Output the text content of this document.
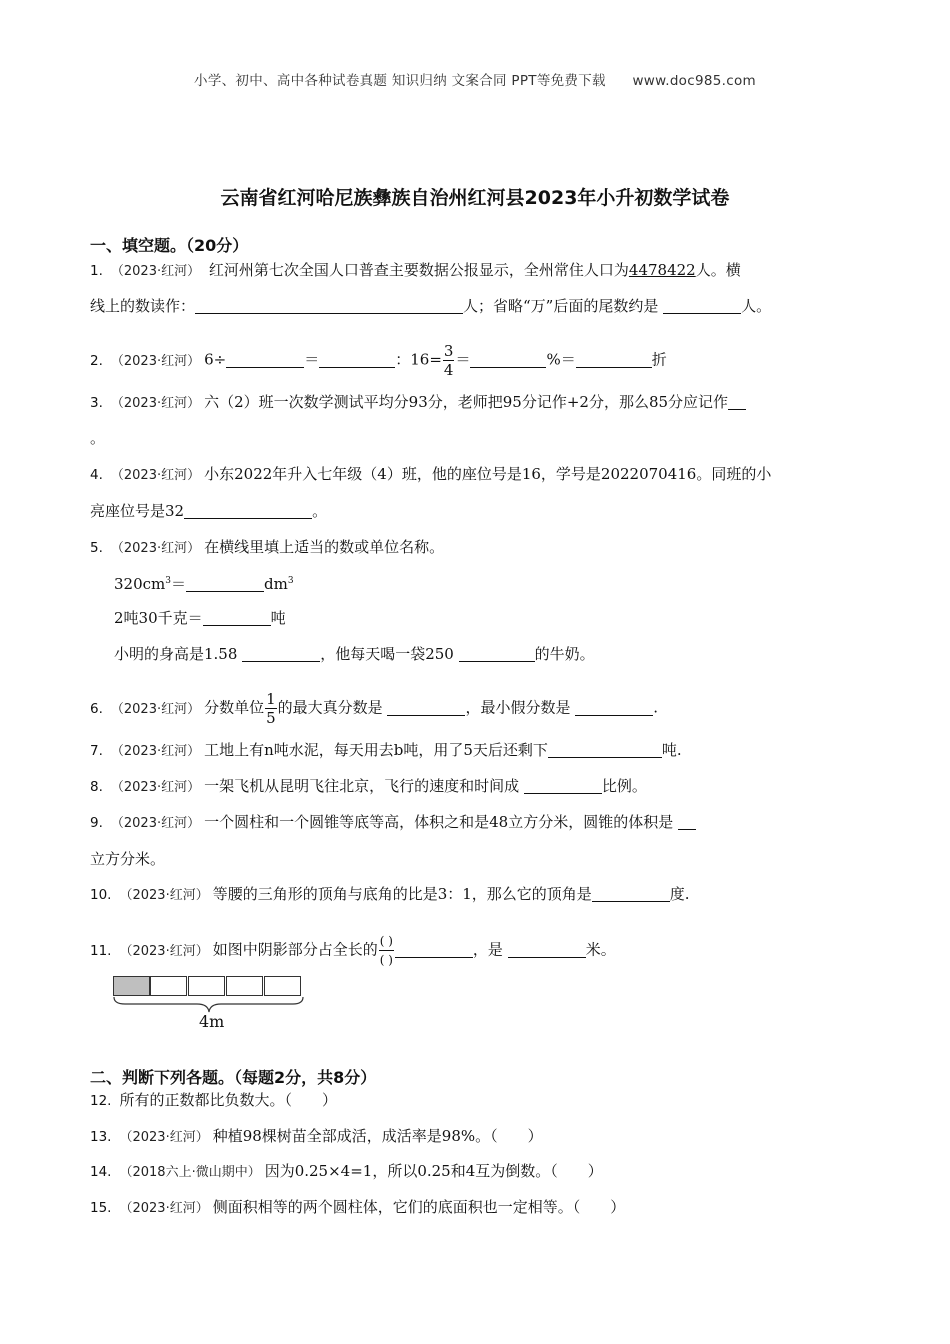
小学、初中、高中各种试卷真题 知识归纳 文案合同 PPT等免费下载 www.doc985.com
云南省红河哈尼族彝族自治州红河县2023年小升初数学试卷
一、填空题。（20分）
1. （2023·红河） 红河州第七次全国人口普查主要数据公报显示，全州常住人口为4478422人。横
线上的数读作：	人；省略“万”后面的尾数约是	人。
2. （2023·红河） 6÷	＝	：$16= \frac{3}{4}$ ＝	%＝	折
3. （2023·红河） 六（2）班一次数学测试平均分93分，老师把95分记作+2分，那么85分应记作
。
4. （2023·红河） 小东2022年升入七年级（4）班，他的座位号是16，学号是2022070416。同班的小
亮座位号是32	。
5. （2023·红河） 在横线里填上适当的数或单位名称。
$320cm^3=$	$dm^3$
2吨30千克＝	吨
小明的身高是1.58	，他每天喝一袋250	的牛奶。
6. （2023·红河） 分数单位 $\frac{1}{5}$ 的最大真分数是	，最小假分数是	.
7. （2023·红河） 工地上有n吨水泥，每天用去b吨，用了5天后还剩下	吨.
8. （2023·红河） 一架飞机从昆明飞往北京，飞行的速度和时间成	比例。
9. （2023·红河） 一个圆柱和一个圆锥等底等高，体积之和是48立方分米，圆锥的体积是
立方分米。
10. （2023·红河） 等腰的三角形的顶角与底角的比是3：1，那么它的顶角是	度.
11. （2023·红河） 如图中阴影部分占全长的 $\frac{( )}{( )}$	，是	米。
4m
二、判断下列各题。（每题2分，共8分）
12. 所有的正数都比负数大。（　　）
13. （2023·红河） 种植98棵树苗全部成活，成活率是98%。（　　）
14. （2018六上·微山期中） 因为0.25×4=1，所以0.25和4互为倒数。（　　）
15. （2023·红河） 侧面积相等的两个圆柱体，它们的底面积也一定相等。（　　）
